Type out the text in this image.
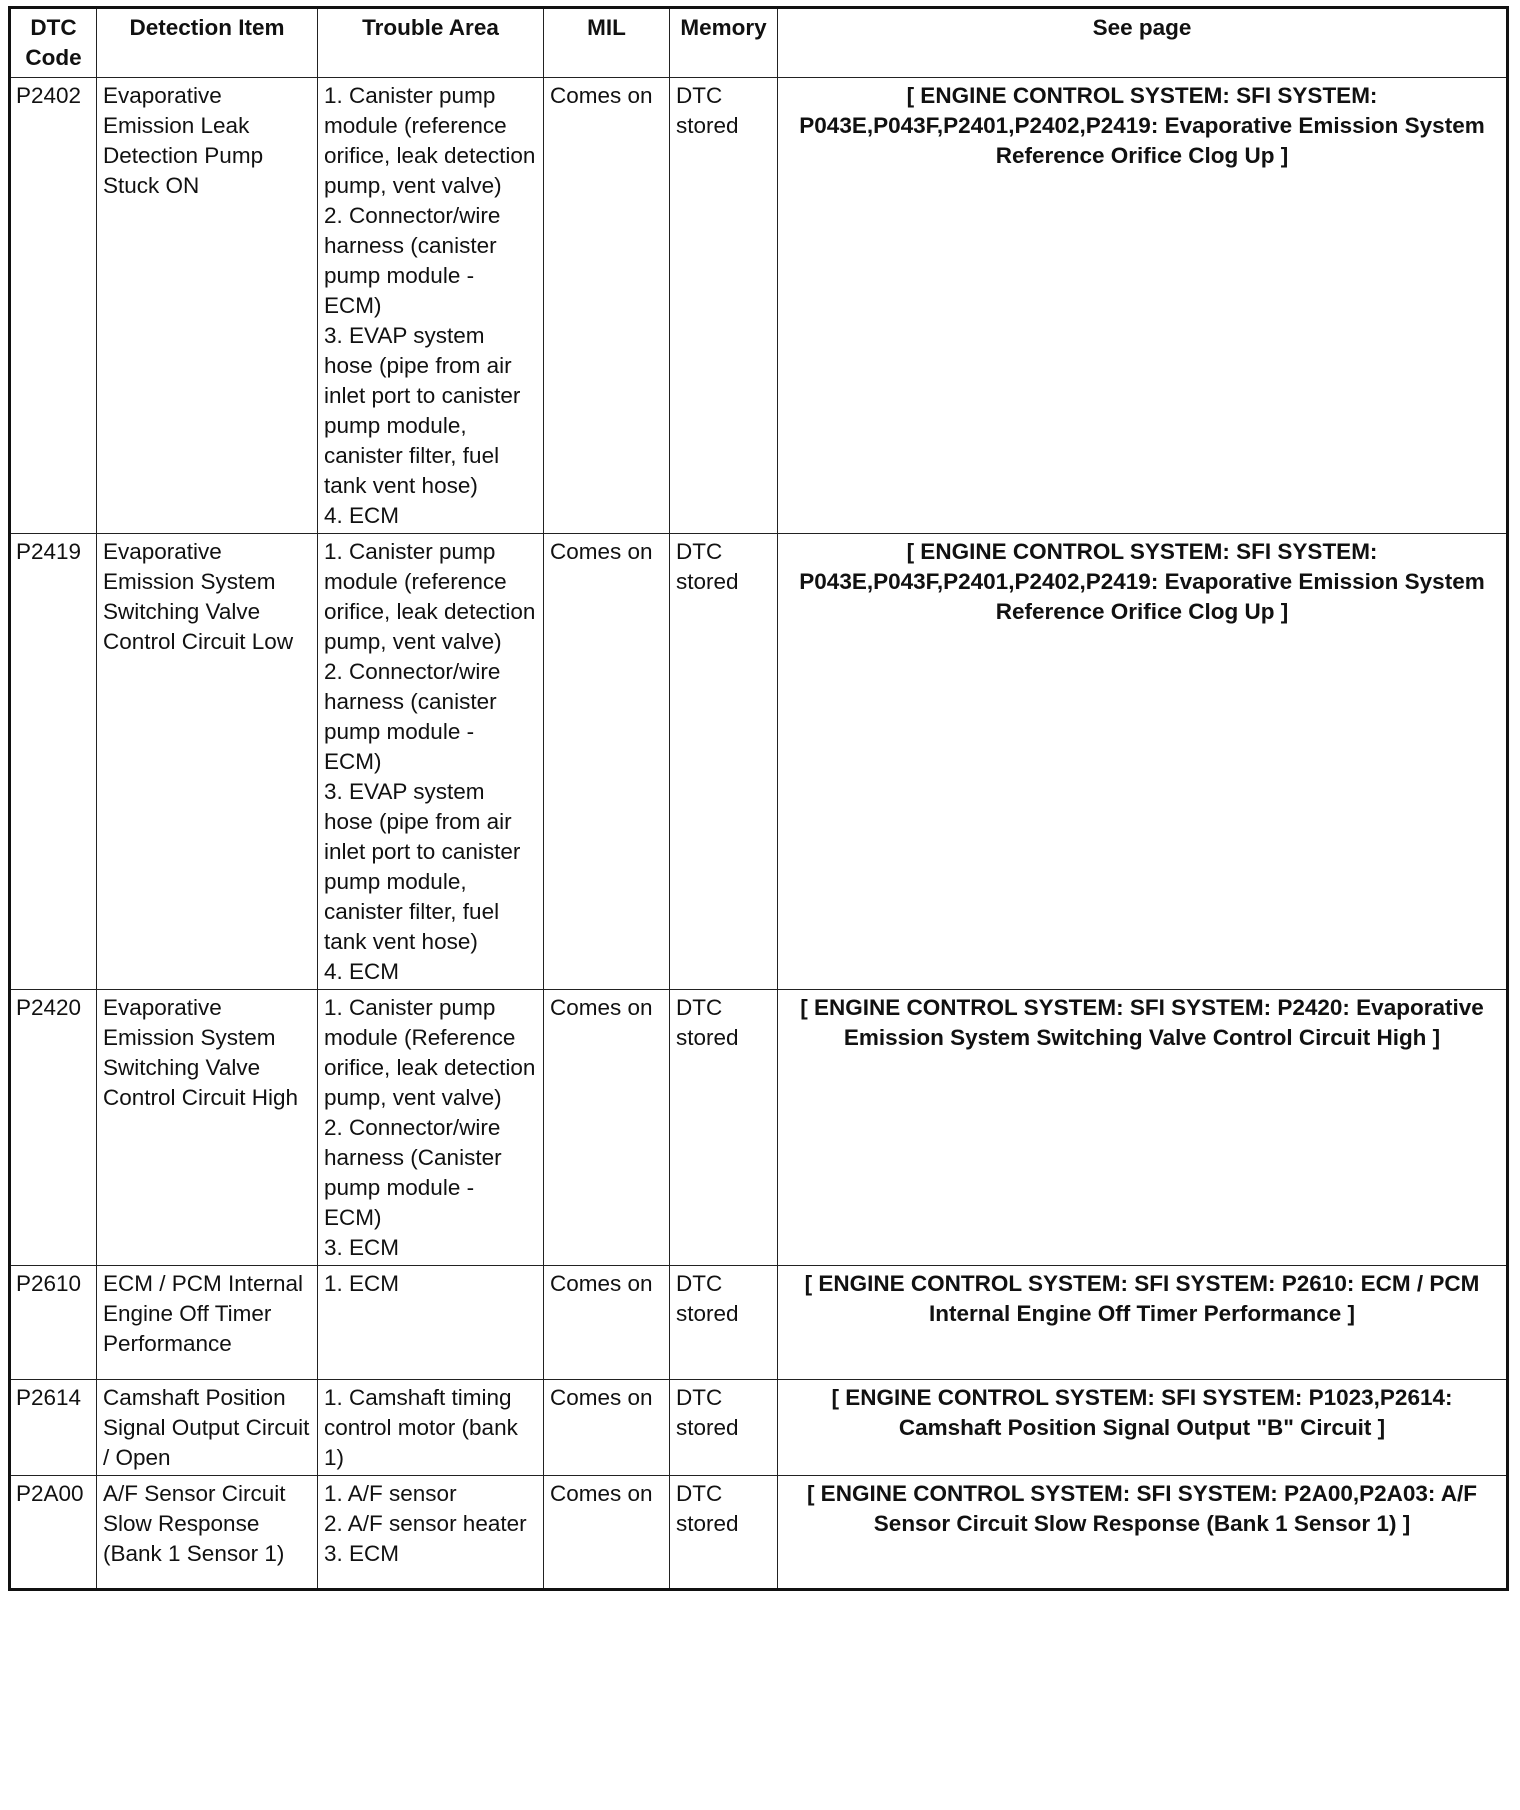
DTC Code	Detection Item	Trouble Area	MIL	Memory	See page
P2402	Evaporative Emission Leak Detection Pump Stuck ON	1. Canister pump module (reference orifice, leak detection pump, vent valve)
2. Connector/wire harness (canister pump module - ECM)
3. EVAP system hose (pipe from air inlet port to canister pump module, canister filter, fuel tank vent hose)
4. ECM	Comes on	DTC stored	[ ENGINE CONTROL SYSTEM: SFI SYSTEM: P043E,P043F,P2401,P2402,P2419: Evaporative Emission System Reference Orifice Clog Up ]
P2419	Evaporative Emission System Switching Valve Control Circuit Low	1. Canister pump module (reference orifice, leak detection pump, vent valve)
2. Connector/wire harness (canister pump module - ECM)
3. EVAP system hose (pipe from air inlet port to canister pump module, canister filter, fuel tank vent hose)
4. ECM	Comes on	DTC stored	[ ENGINE CONTROL SYSTEM: SFI SYSTEM: P043E,P043F,P2401,P2402,P2419: Evaporative Emission System Reference Orifice Clog Up ]
P2420	Evaporative Emission System Switching Valve Control Circuit High	1. Canister pump module (Reference orifice, leak detection pump, vent valve)
2. Connector/wire harness (Canister pump module - ECM)
3. ECM	Comes on	DTC stored	[ ENGINE CONTROL SYSTEM: SFI SYSTEM: P2420: Evaporative Emission System Switching Valve Control Circuit High ]
P2610	ECM / PCM Internal Engine Off Timer Performance	1. ECM	Comes on	DTC stored	[ ENGINE CONTROL SYSTEM: SFI SYSTEM: P2610: ECM / PCM Internal Engine Off Timer Performance ]
P2614	Camshaft Position Signal Output Circuit / Open	1. Camshaft timing control motor (bank 1)	Comes on	DTC stored	[ ENGINE CONTROL SYSTEM: SFI SYSTEM: P1023,P2614: Camshaft Position Signal Output "B" Circuit ]
P2A00	A/F Sensor Circuit Slow Response (Bank 1 Sensor 1)	1. A/F sensor
2. A/F sensor heater
3. ECM	Comes on	DTC stored	[ ENGINE CONTROL SYSTEM: SFI SYSTEM: P2A00,P2A03: A/F Sensor Circuit Slow Response (Bank 1 Sensor 1) ]
